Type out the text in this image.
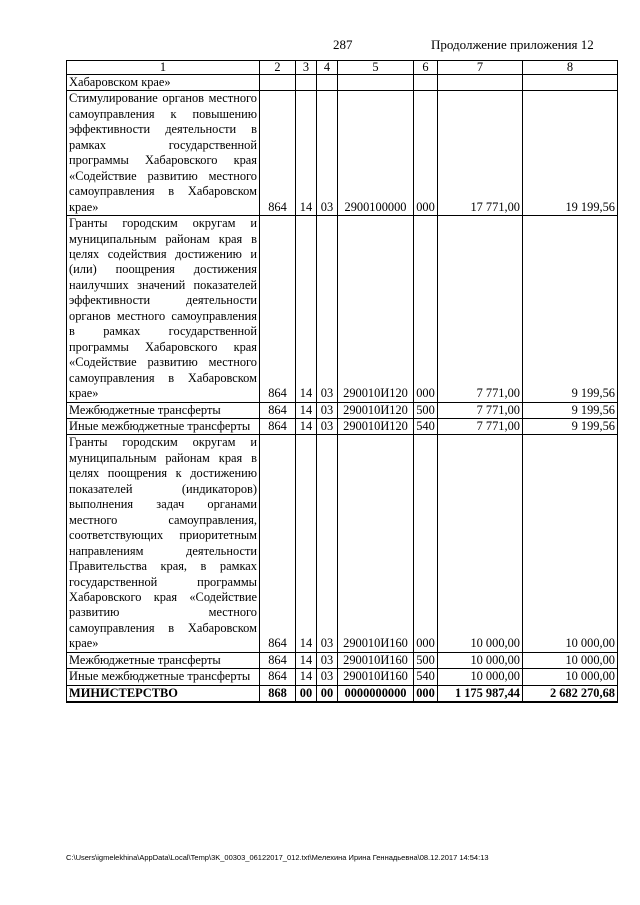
287	Продолжение приложения 12
1	2	3	4	5	6	7	8
Хабаровском крае»							
Стимулирование органов местного самоуправления к повышению эффективности деятельности в рамках государственной программы Хабаровского края «Содействие развитию местного самоуправления в Хабаровском крае»	864	14	03	2900100000	000	17 771,00	19 199,56
Гранты городским округам и муниципальным районам края в целях содействия достижению и (или) поощрения достижения наилучших значений показателей эффективности деятельности органов местного самоуправления в рамках государственной программы Хабаровского края «Содействие развитию местного самоуправления в Хабаровском крае»	864	14	03	290010И120	000	7 771,00	9 199,56
Межбюджетные трансферты	864	14	03	290010И120	500	7 771,00	9 199,56
Иные межбюджетные трансферты	864	14	03	290010И120	540	7 771,00	9 199,56
Гранты городским округам и муниципальным районам края в целях поощрения к достижению показателей (индикаторов) выполнения задач органами местного самоуправления, соответствующих приоритетным направлениям деятельности Правительства края, в рамках государственной программы Хабаровского края «Содействие развитию местного самоуправления в Хабаровском крае»	864	14	03	290010И160	000	10 000,00	10 000,00
Межбюджетные трансферты	864	14	03	290010И160	500	10 000,00	10 000,00
Иные межбюджетные трансферты	864	14	03	290010И160	540	10 000,00	10 000,00
МИНИСТЕРСТВО	868	00	00	0000000000	000	1 175 987,44	2 682 270,68
C:\Users\igmelekhina\AppData\Local\Temp\3K_00303_06122017_012.txt\Мелехина Ирина Геннадьевна\08.12.2017 14:54:13
